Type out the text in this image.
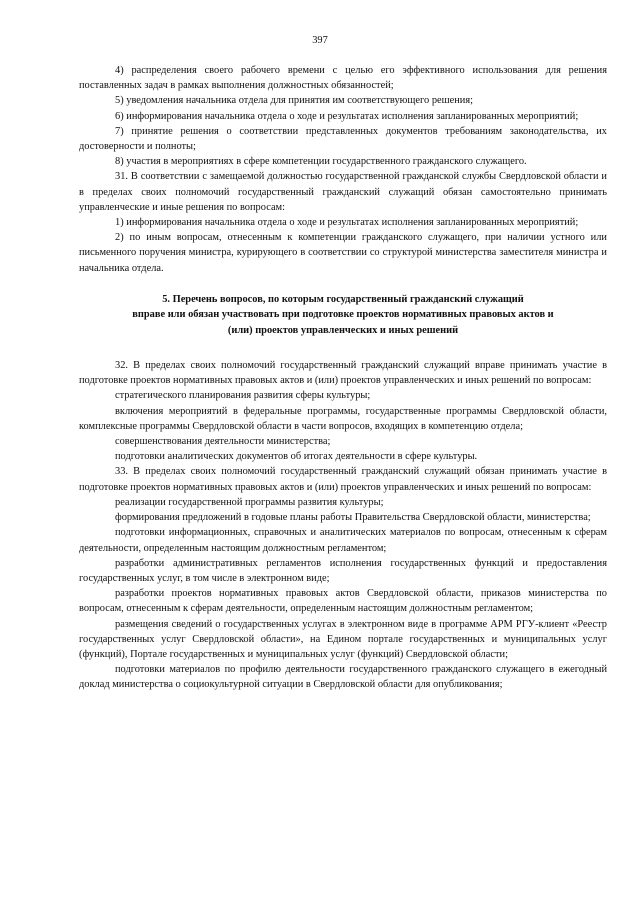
397

4) распределения своего рабочего времени с целью его эффективного использования для решения поставленных задач в рамках выполнения должностных обязанностей;

5) уведомления начальника отдела для принятия им соответствующего решения;

6) информирования начальника отдела о ходе и результатах исполнения запланированных мероприятий;

7) принятие решения о соответствии представленных документов требованиям законодательства, их достоверности и полноты;

8) участия в мероприятиях в сфере компетенции государственного гражданского служащего.

31. В соответствии с замещаемой должностью государственной гражданской службы Свердловской области и в пределах своих полномочий государственный гражданский служащий обязан самостоятельно принимать управленческие и иные решения по вопросам:

1) информирования начальника отдела о ходе и результатах исполнения запланированных мероприятий;

2) по иным вопросам, отнесенным к компетенции гражданского служащего, при наличии устного или письменного поручения министра, курирующего в соответствии со структурой министерства заместителя министра и начальника отдела.

5. Перечень вопросов, по которым государственный гражданский служащий
вправе или обязан участвовать при подготовке проектов нормативных правовых актов и
(или) проектов управленческих и иных решений

32. В пределах своих полномочий государственный гражданский служащий вправе принимать участие в подготовке проектов нормативных правовых актов и (или) проектов управленческих и иных решений по вопросам:

стратегического планирования развития сферы культуры;

включения мероприятий в федеральные программы, государственные программы Свердловской области, комплексные программы Свердловской области в части вопросов, входящих в компетенцию отдела;

совершенствования деятельности министерства;

подготовки аналитических документов об итогах деятельности в сфере культуры.

33. В пределах своих полномочий государственный гражданский служащий обязан принимать участие в подготовке проектов нормативных правовых актов и (или) проектов управленческих и иных решений по вопросам:

реализации государственной программы развития культуры;

формирования предложений в годовые планы работы Правительства Свердловской области, министерства;

подготовки информационных, справочных и аналитических материалов по вопросам, отнесенным к сферам деятельности, определенным настоящим должностным регламентом;

разработки административных регламентов исполнения государственных функций и предоставления государственных услуг, в том числе в электронном виде;

разработки проектов нормативных правовых актов Свердловской области, приказов министерства по вопросам, отнесенным к сферам деятельности, определенным настоящим должностным регламентом;

размещения сведений о государственных услугах в электронном виде в программе АРМ РГУ-клиент «Реестр государственных услуг Свердловской области», на Едином портале государственных и муниципальных услуг (функций), Портале государственных и муниципальных услуг (функций) Свердловской области;

подготовки материалов по профилю деятельности государственного гражданского служащего в ежегодный доклад министерства о социокультурной ситуации в Свердловской области для опубликования;
